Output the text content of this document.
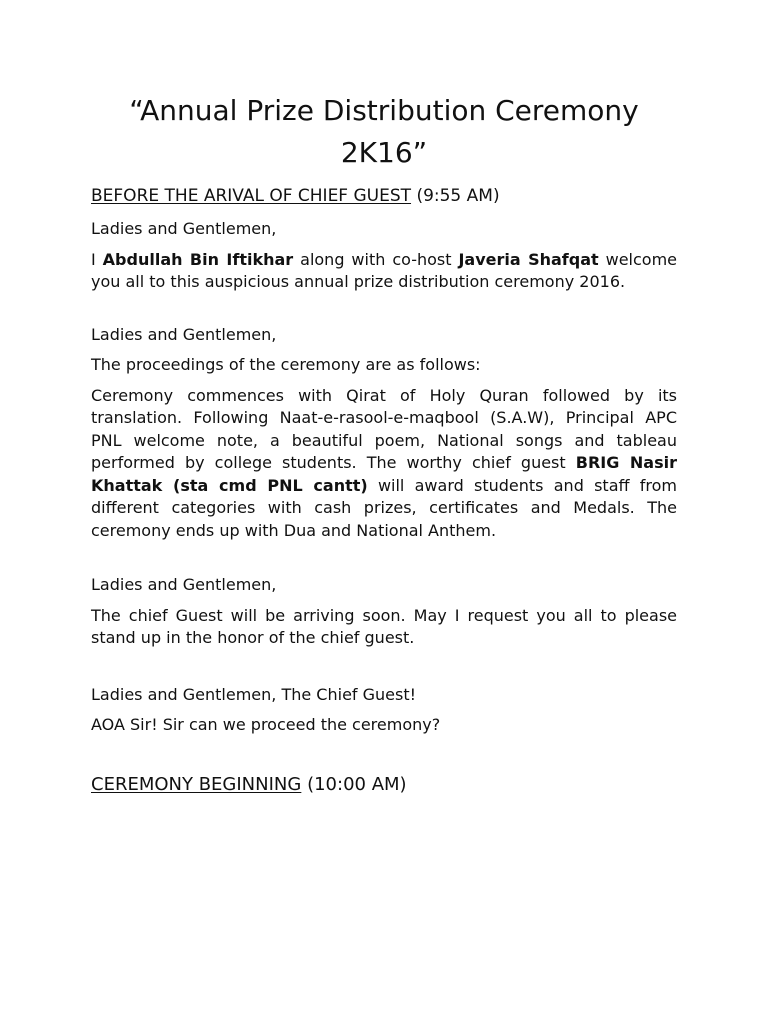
“Annual Prize Distribution Ceremony
2K16”
BEFORE THE ARIVAL OF CHIEF GUEST (9:55 AM)

Ladies and Gentlemen,

I Abdullah Bin Iftikhar along with co-host Javeria Shafqat welcome you all to this auspicious annual prize distribution ceremony 2016.

Ladies and Gentlemen,

The proceedings of the ceremony are as follows:

Ceremony commences with Qirat of Holy Quran followed by its translation. Following Naat-e-rasool-e-maqbool (S.A.W), Principal APC PNL welcome note, a beautiful poem, National songs and tableau performed by college students. The worthy chief guest BRIG Nasir Khattak (sta cmd PNL cantt) will award students and staff from different categories with cash prizes, certificates and Medals. The ceremony ends up with Dua and National Anthem.

Ladies and Gentlemen,

The chief Guest will be arriving soon. May I request you all to please stand up in the honor of the chief guest.

Ladies and Gentlemen, The Chief Guest!

AOA Sir! Sir can we proceed the ceremony?

CEREMONY BEGINNING (10:00 AM)
